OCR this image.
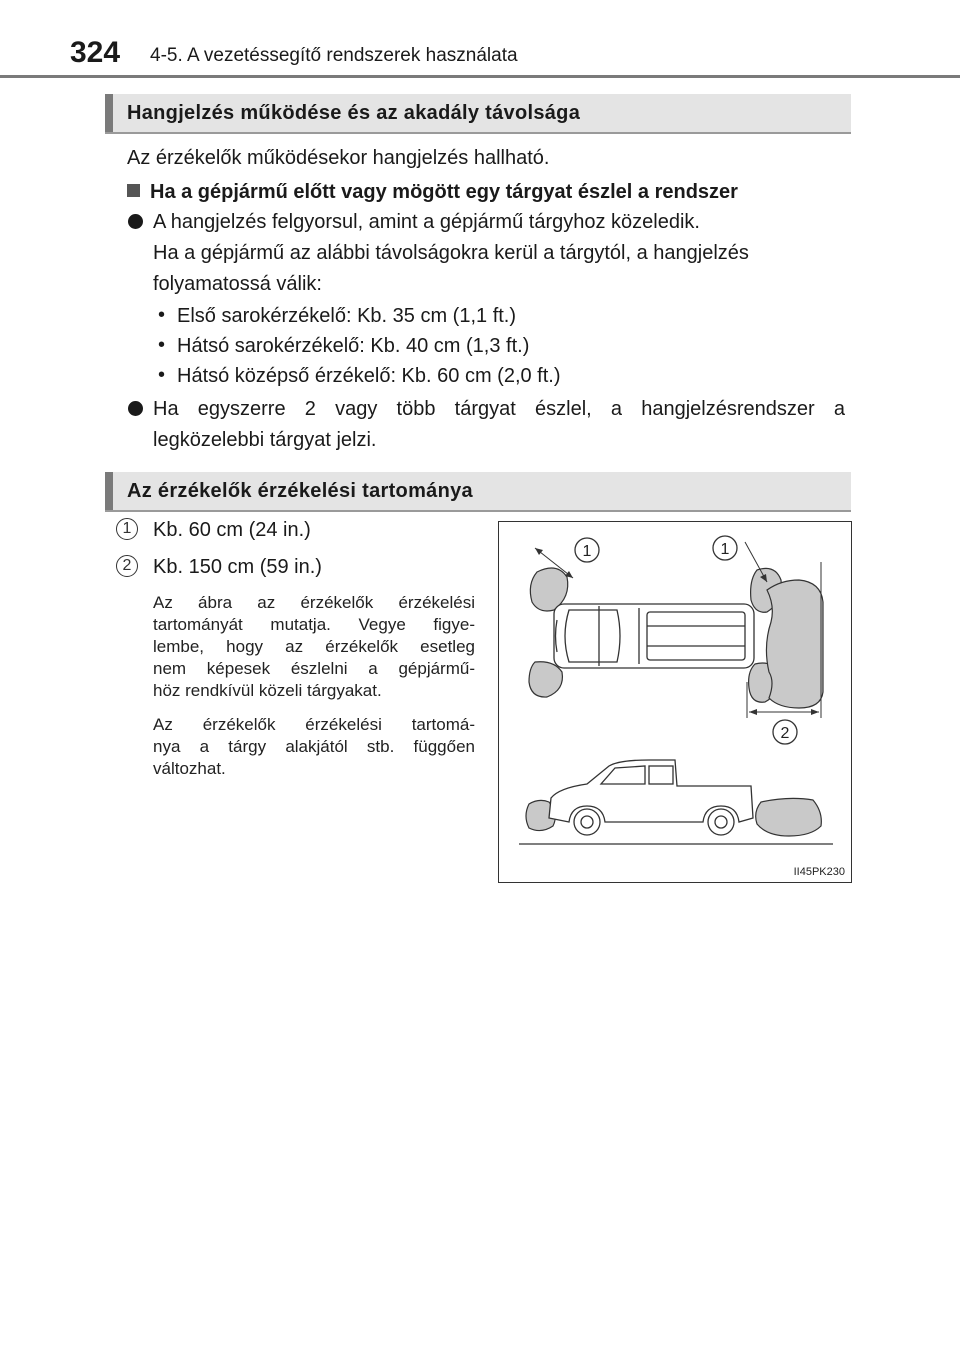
324 4-5. A vezetéssegítő rendszerek használata
Hangjelzés működése és az akadály távolsága
Az érzékelők működésekor hangjelzés hallható.
Ha a gépjármű előtt vagy mögött egy tárgyat észlel a rendszer
A hangjelzés felgyorsul, amint a gépjármű tárgyhoz közeledik.
Ha a gépjármű az alábbi távolságokra kerül a tárgytól, a hangjelzés
folyamatossá válik:
• Első sarokérzékelő: Kb. 35 cm (1,1 ft.)
• Hátsó sarokérzékelő: Kb. 40 cm (1,3 ft.)
• Hátsó középső érzékelő: Kb. 60 cm (2,0 ft.)
Ha egyszerre 2 vagy több tárgyat észlel, a hangjelzésrendszer a
legközelebbi tárgyat jelzi.
Az érzékelők érzékelési tartománya
1	Kb. 60 cm (24 in.)
2	Kb. 150 cm (59 in.)
Az ábra az érzékelők érzékelési
tartományát mutatja. Vegye figye-
lembe, hogy az érzékelők esetleg
nem képesek észlelni a gépjármű-
höz rendkívül közeli tárgyakat.
Az érzékelők érzékelési tartomá-
nya a tárgy alakjától stb. függően
változhat.
1	1
2
II45PK230
